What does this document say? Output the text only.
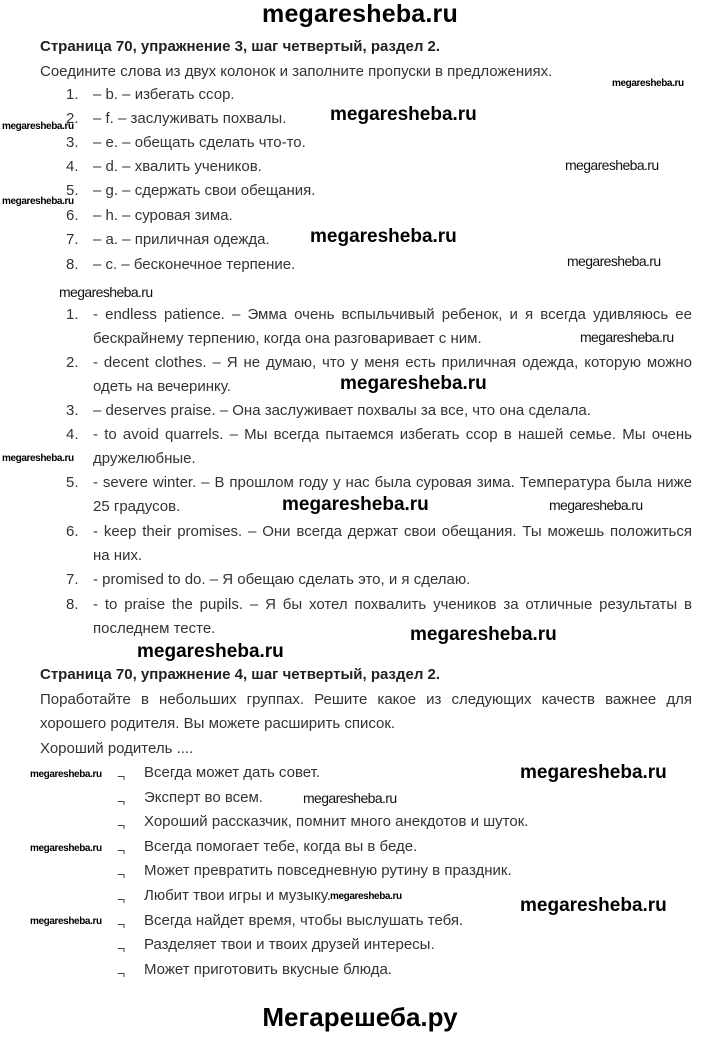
megaresheba.ru
Страница 70, упражнение 3, шаг четвертый, раздел 2.
Соедините слова из двух колонок и заполните пропуски в предложениях.
1. – b. – избегать ссор.
2. – f. – заслуживать похвалы.
3. – e. – обещать сделать что-то.
4. – d. – хвалить учеников.
5. – g. – сдержать свои обещания.
6. – h. – суровая зима.
7. – a. – приличная одежда.
8. – c. – бесконечное терпение.
1. - endless patience. – Эмма очень вспыльчивый ребенок, и я всегда удивляюсь ее бескрайнему терпению, когда она разговаривает с ним.
2. - decent clothes. – Я не думаю, что у меня есть приличная одежда, которую можно одеть на вечеринку.
3. – deserves praise. – Она заслуживает похвалы за все, что она сделала.
4. - to avoid quarrels. – Мы всегда пытаемся избегать ссор в нашей семье. Мы очень дружелюбные.
5. - severe winter. – В прошлом году у нас была суровая зима. Температура была ниже 25 градусов.
6. - keep their promises. – Они всегда держат свои обещания. Ты можешь положиться на них.
7. - promised to do. – Я обещаю сделать это, и я сделаю.
8. - to praise the pupils. – Я бы хотел похвалить учеников за отличные результаты в последнем тесте.
Страница 70, упражнение 4, шаг четвертый, раздел 2.
Поработайте в небольших группах. Решите какое из следующих качеств важнее для хорошего родителя. Вы можете расширить список.
Хороший родитель ....
¬ Всегда может дать совет.
¬ Эксперт во всем.
¬ Хороший рассказчик, помнит много анекдотов и шуток.
¬ Всегда помогает тебе, когда вы в беде.
¬ Может превратить повседневную рутину в праздник.
¬ Любит твои игры и музыку.
¬ Всегда найдет время, чтобы выслушать тебя.
¬ Разделяет твои и твоих друзей интересы.
¬ Может приготовить вкусные блюда.
megaresheba.ru
megaresheba.ru
megaresheba.ru
megaresheba.ru
megaresheba.ru
megaresheba.ru
megaresheba.ru
megaresheba.ru
megaresheba.ru
megaresheba.ru
megaresheba.ru
megaresheba.ru	megaresheba.ru
megaresheba.ru
megaresheba.ru
megaresheba.ru	megaresheba.ru
megaresheba.ru
megaresheba.ru
megaresheba.ru
megaresheba.ru
megaresheba.ru
Мегарешеба.ру
